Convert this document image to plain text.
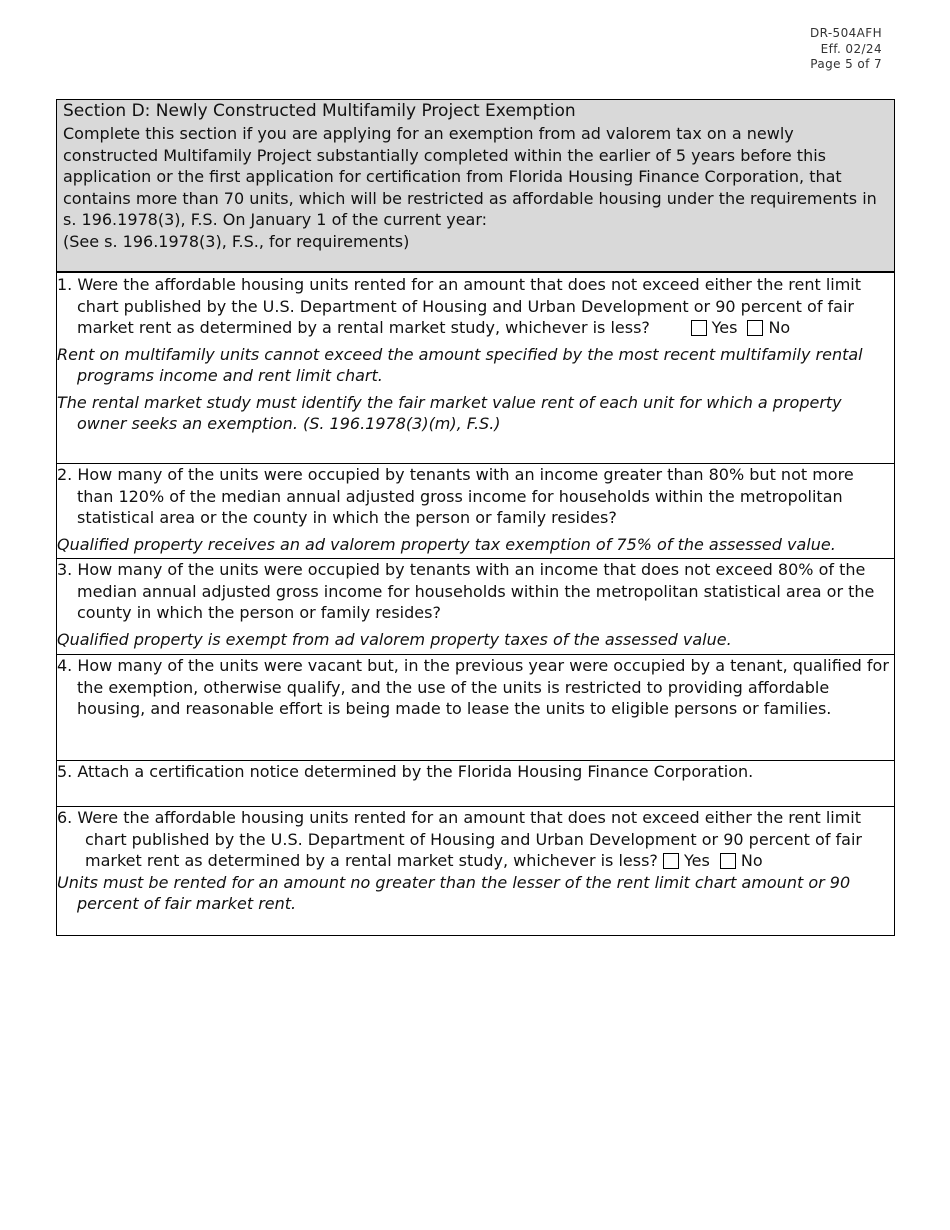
DR-504AFH
Eff. 02/24
Page 5 of 7
Section D: Newly Constructed Multifamily Project Exemption
Complete this section if you are applying for an exemption from ad valorem tax on a newly constructed Multifamily Project substantially completed within the earlier of 5 years before this application or the first application for certification from Florida Housing Finance Corporation, that contains more than 70 units, which will be restricted as affordable housing under the requirements in s. 196.1978(3), F.S. On January 1 of the current year:
(See s. 196.1978(3), F.S., for requirements)
1. Were the affordable housing units rented for an amount that does not exceed either the rent limit chart published by the U.S. Department of Housing and Urban Development or 90 percent of fair market rent as determined by a rental market study, whichever is less?	Yes No
Rent on multifamily units cannot exceed the amount specified by the most recent multifamily rental programs income and rent limit chart.
The rental market study must identify the fair market value rent of each unit for which a property owner seeks an exemption. (S. 196.1978(3)(m), F.S.)
2. How many of the units were occupied by tenants with an income greater than 80% but not more than 120% of the median annual adjusted gross income for households within the metropolitan statistical area or the county in which the person or family resides?
Qualified property receives an ad valorem property tax exemption of 75% of the assessed value.
3. How many of the units were occupied by tenants with an income that does not exceed 80% of the median annual adjusted gross income for households within the metropolitan statistical area or the county in which the person or family resides?
Qualified property is exempt from ad valorem property taxes of the assessed value.
4. How many of the units were vacant but, in the previous year were occupied by a tenant, qualified for the exemption, otherwise qualify, and the use of the units is restricted to providing affordable housing, and reasonable effort is being made to lease the units to eligible persons or families.
5. Attach a certification notice determined by the Florida Housing Finance Corporation.
6. Were the affordable housing units rented for an amount that does not exceed either the rent limit chart published by the U.S. Department of Housing and Urban Development or 90 percent of fair market rent as determined by a rental market study, whichever is less? Yes No
Units must be rented for an amount no greater than the lesser of the rent limit chart amount or 90 percent of fair market rent.
